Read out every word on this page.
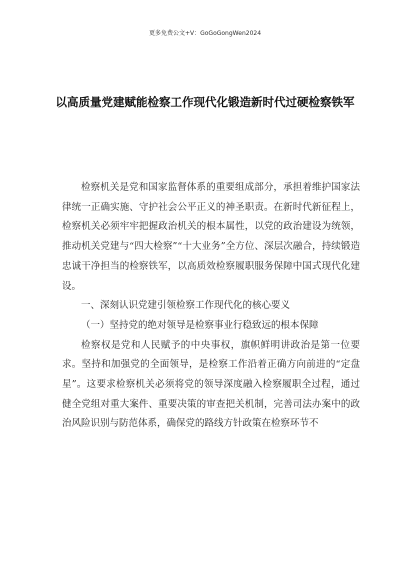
更多免费公文+V：GoGoGongWen2024
以高质量党建赋能检察工作现代化锻造新时代过硬检察铁军

检察机关是党和国家监督体系的重要组成部分，承担着维护国家法律统一正确实施、守护社会公平正义的神圣职责。在新时代新征程上，检察机关必须牢牢把握政治机关的根本属性，以党的政治建设为统领，推动机关党建与“四大检察”“十大业务”全方位、深层次融合，持续锻造忠诚干净担当的检察铁军，以高质效检察履职服务保障中国式现代化建设。

一、深刻认识党建引领检察工作现代化的核心要义

（一）坚持党的绝对领导是检察事业行稳致远的根本保障

检察权是党和人民赋予的中央事权，旗帜鲜明讲政治是第一位要求。坚持和加强党的全面领导，是检察工作沿着正确方向前进的“定盘星”。这要求检察机关必须将党的领导深度融入检察履职全过程，通过健全党组对重大案件、重要决策的审查把关机制，完善司法办案中的政治风险识别与防范体系，确保党的路线方针政策在检察环节不
